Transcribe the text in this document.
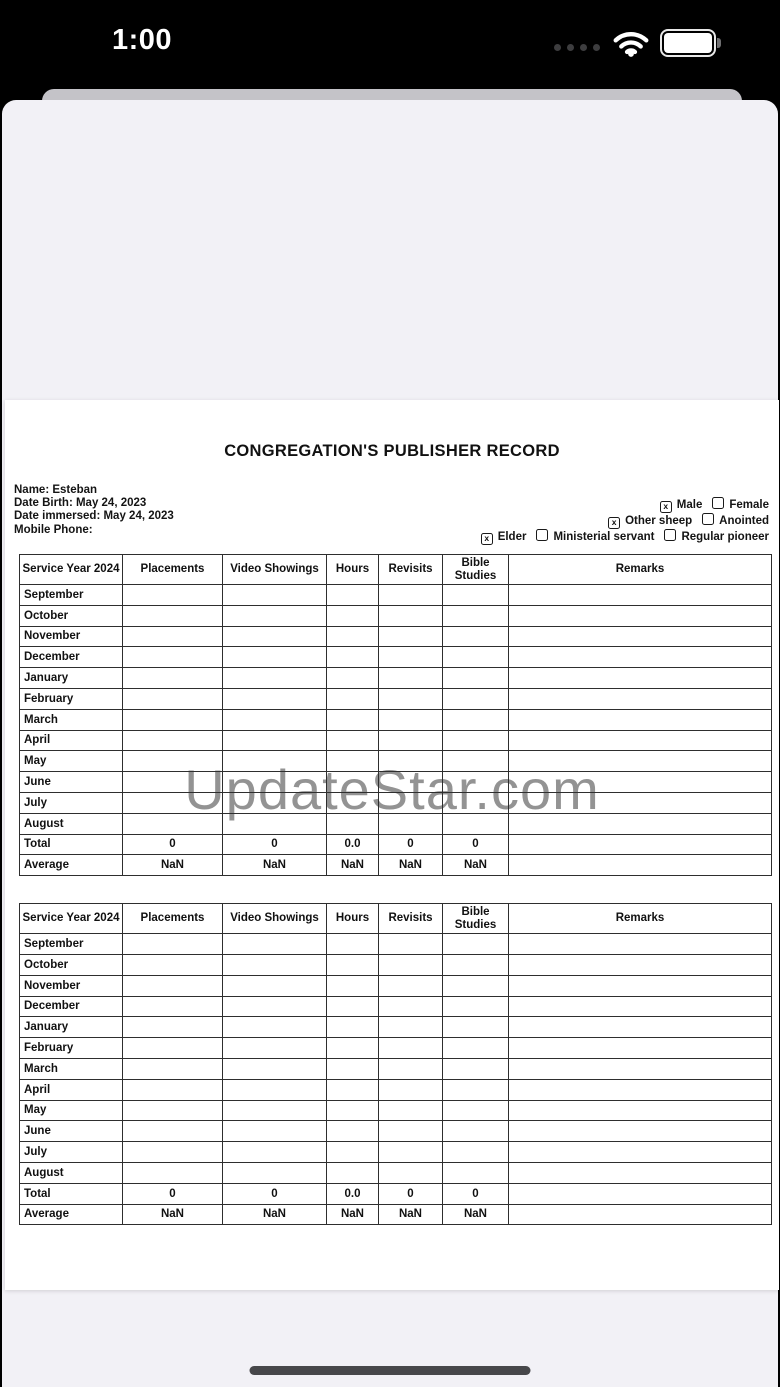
1:00
CONGREGATION'S PUBLISHER RECORD
Name: Esteban
Date Birth: May 24, 2023
Date immersed: May 24, 2023
Mobile Phone:
x Male Female
x Other sheep Anointed
x Elder Ministerial servant Regular pioneer
UpdateStar.com
Service Year 2024	Placements	Video Showings	Hours	Revisits	Bible Studies	Remarks
September						
October						
November						
December						
January						
February						
March						
April						
May						
June						
July						
August						
Total	0	0	0.0	0	0	
Average	NaN	NaN	NaN	NaN	NaN	
Service Year 2024	Placements	Video Showings	Hours	Revisits	Bible Studies	Remarks
September						
October						
November						
December						
January						
February						
March						
April						
May						
June						
July						
August						
Total	0	0	0.0	0	0	
Average	NaN	NaN	NaN	NaN	NaN	
